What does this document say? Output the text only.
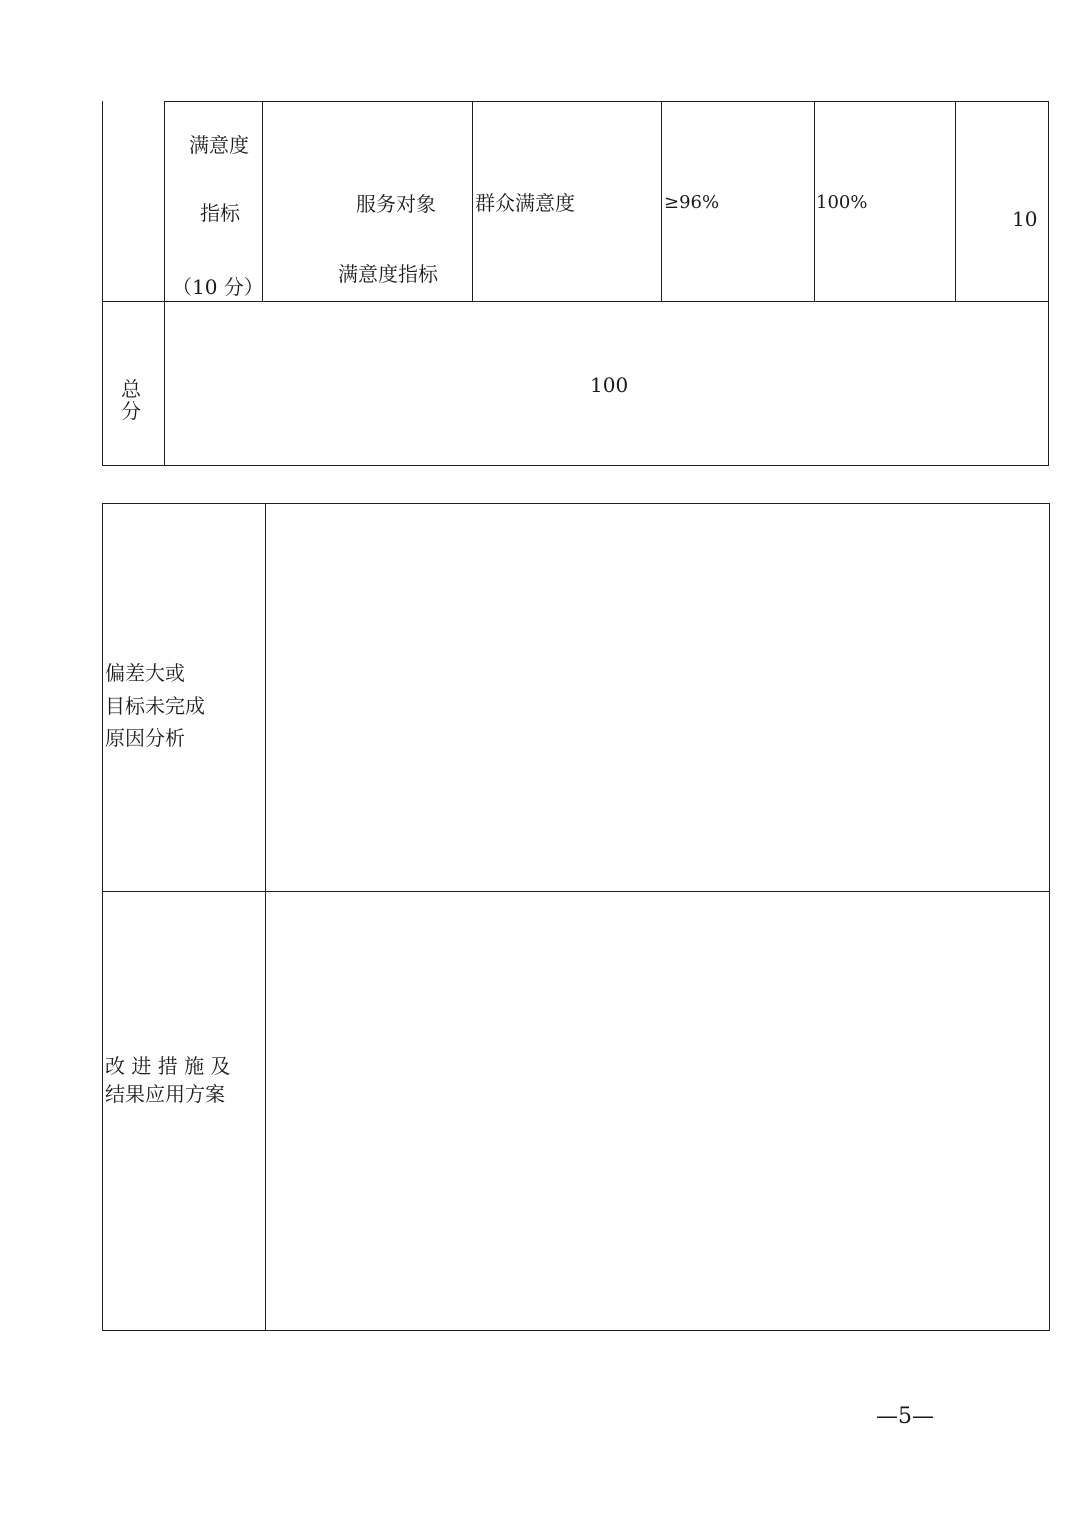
满意度
指标
（10 分）
服务对象
满意度指标
群众满意度	≥96%	100%
10
总分
100
偏差大或
目标未完成
原因分析
改 进 措 施 及
结果应用方案
—5—
